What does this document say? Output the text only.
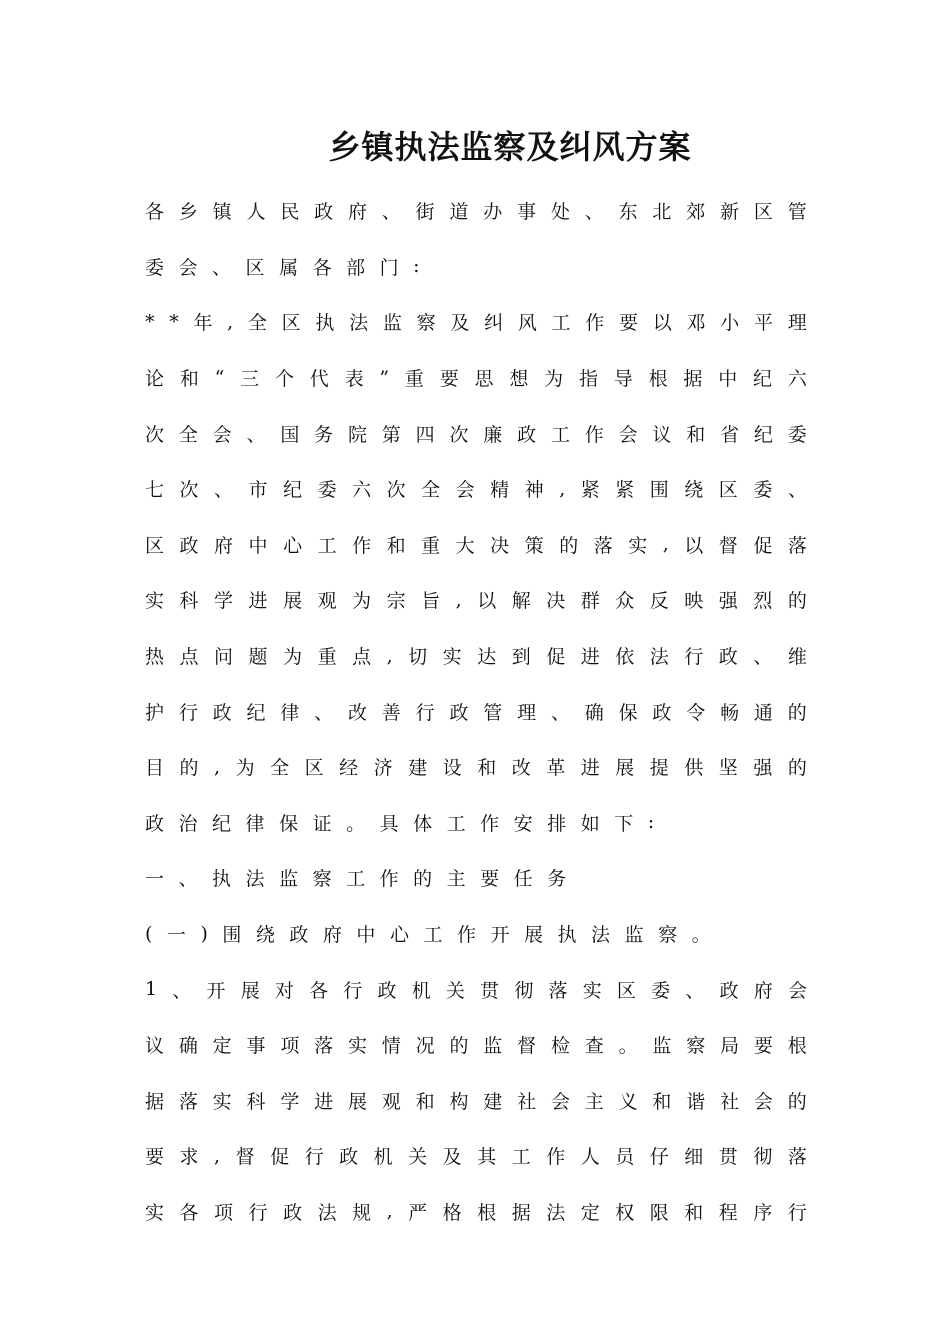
乡镇执法监察及纠风方案
各 乡 镇 人 民 政 府 、 街 道 办 事 处 、 东 北 郊 新 区 管
委 会 、 区 属 各 部 门 :
* * 年 , 全 区 执 法 监 察 及 纠 风 工 作 要 以 邓 小 平 理
论 和 “ 三 个 代 表 ” 重 要 思 想 为 指 导 根 据 中 纪 六
次 全 会 、 国 务 院 第 四 次 廉 政 工 作 会 议 和 省 纪 委
七 次 、 市 纪 委 六 次 全 会 精 神 , 紧 紧 围 绕 区 委 、
区 政 府 中 心 工 作 和 重 大 决 策 的 落 实 , 以 督 促 落
实 科 学 进 展 观 为 宗 旨 , 以 解 决 群 众 反 映 强 烈 的
热 点 问 题 为 重 点 , 切 实 达 到 促 进 依 法 行 政 、 维
护 行 政 纪 律 、 改 善 行 政 管 理 、 确 保 政 令 畅 通 的
目 的 , 为 全 区 经 济 建 设 和 改 革 进 展 提 供 坚 强 的
政 治 纪 律 保 证 。 具 体 工 作 安 排 如 下 :
一 、 执 法 监 察 工 作 的 主 要 任 务
( 一 ) 围 绕 政 府 中 心 工 作 开 展 执 法 监 察 。
1 、 开 展 对 各 行 政 机 关 贯 彻 落 实 区 委 、 政 府 会
议 确 定 事 项 落 实 情 况 的 监 督 检 查 。 监 察 局 要 根
据 落 实 科 学 进 展 观 和 构 建 社 会 主 义 和 谐 社 会 的
要 求 , 督 促 行 政 机 关 及 其 工 作 人 员 仔 细 贯 彻 落
实 各 项 行 政 法 规 , 严 格 根 据 法 定 权 限 和 程 序 行
